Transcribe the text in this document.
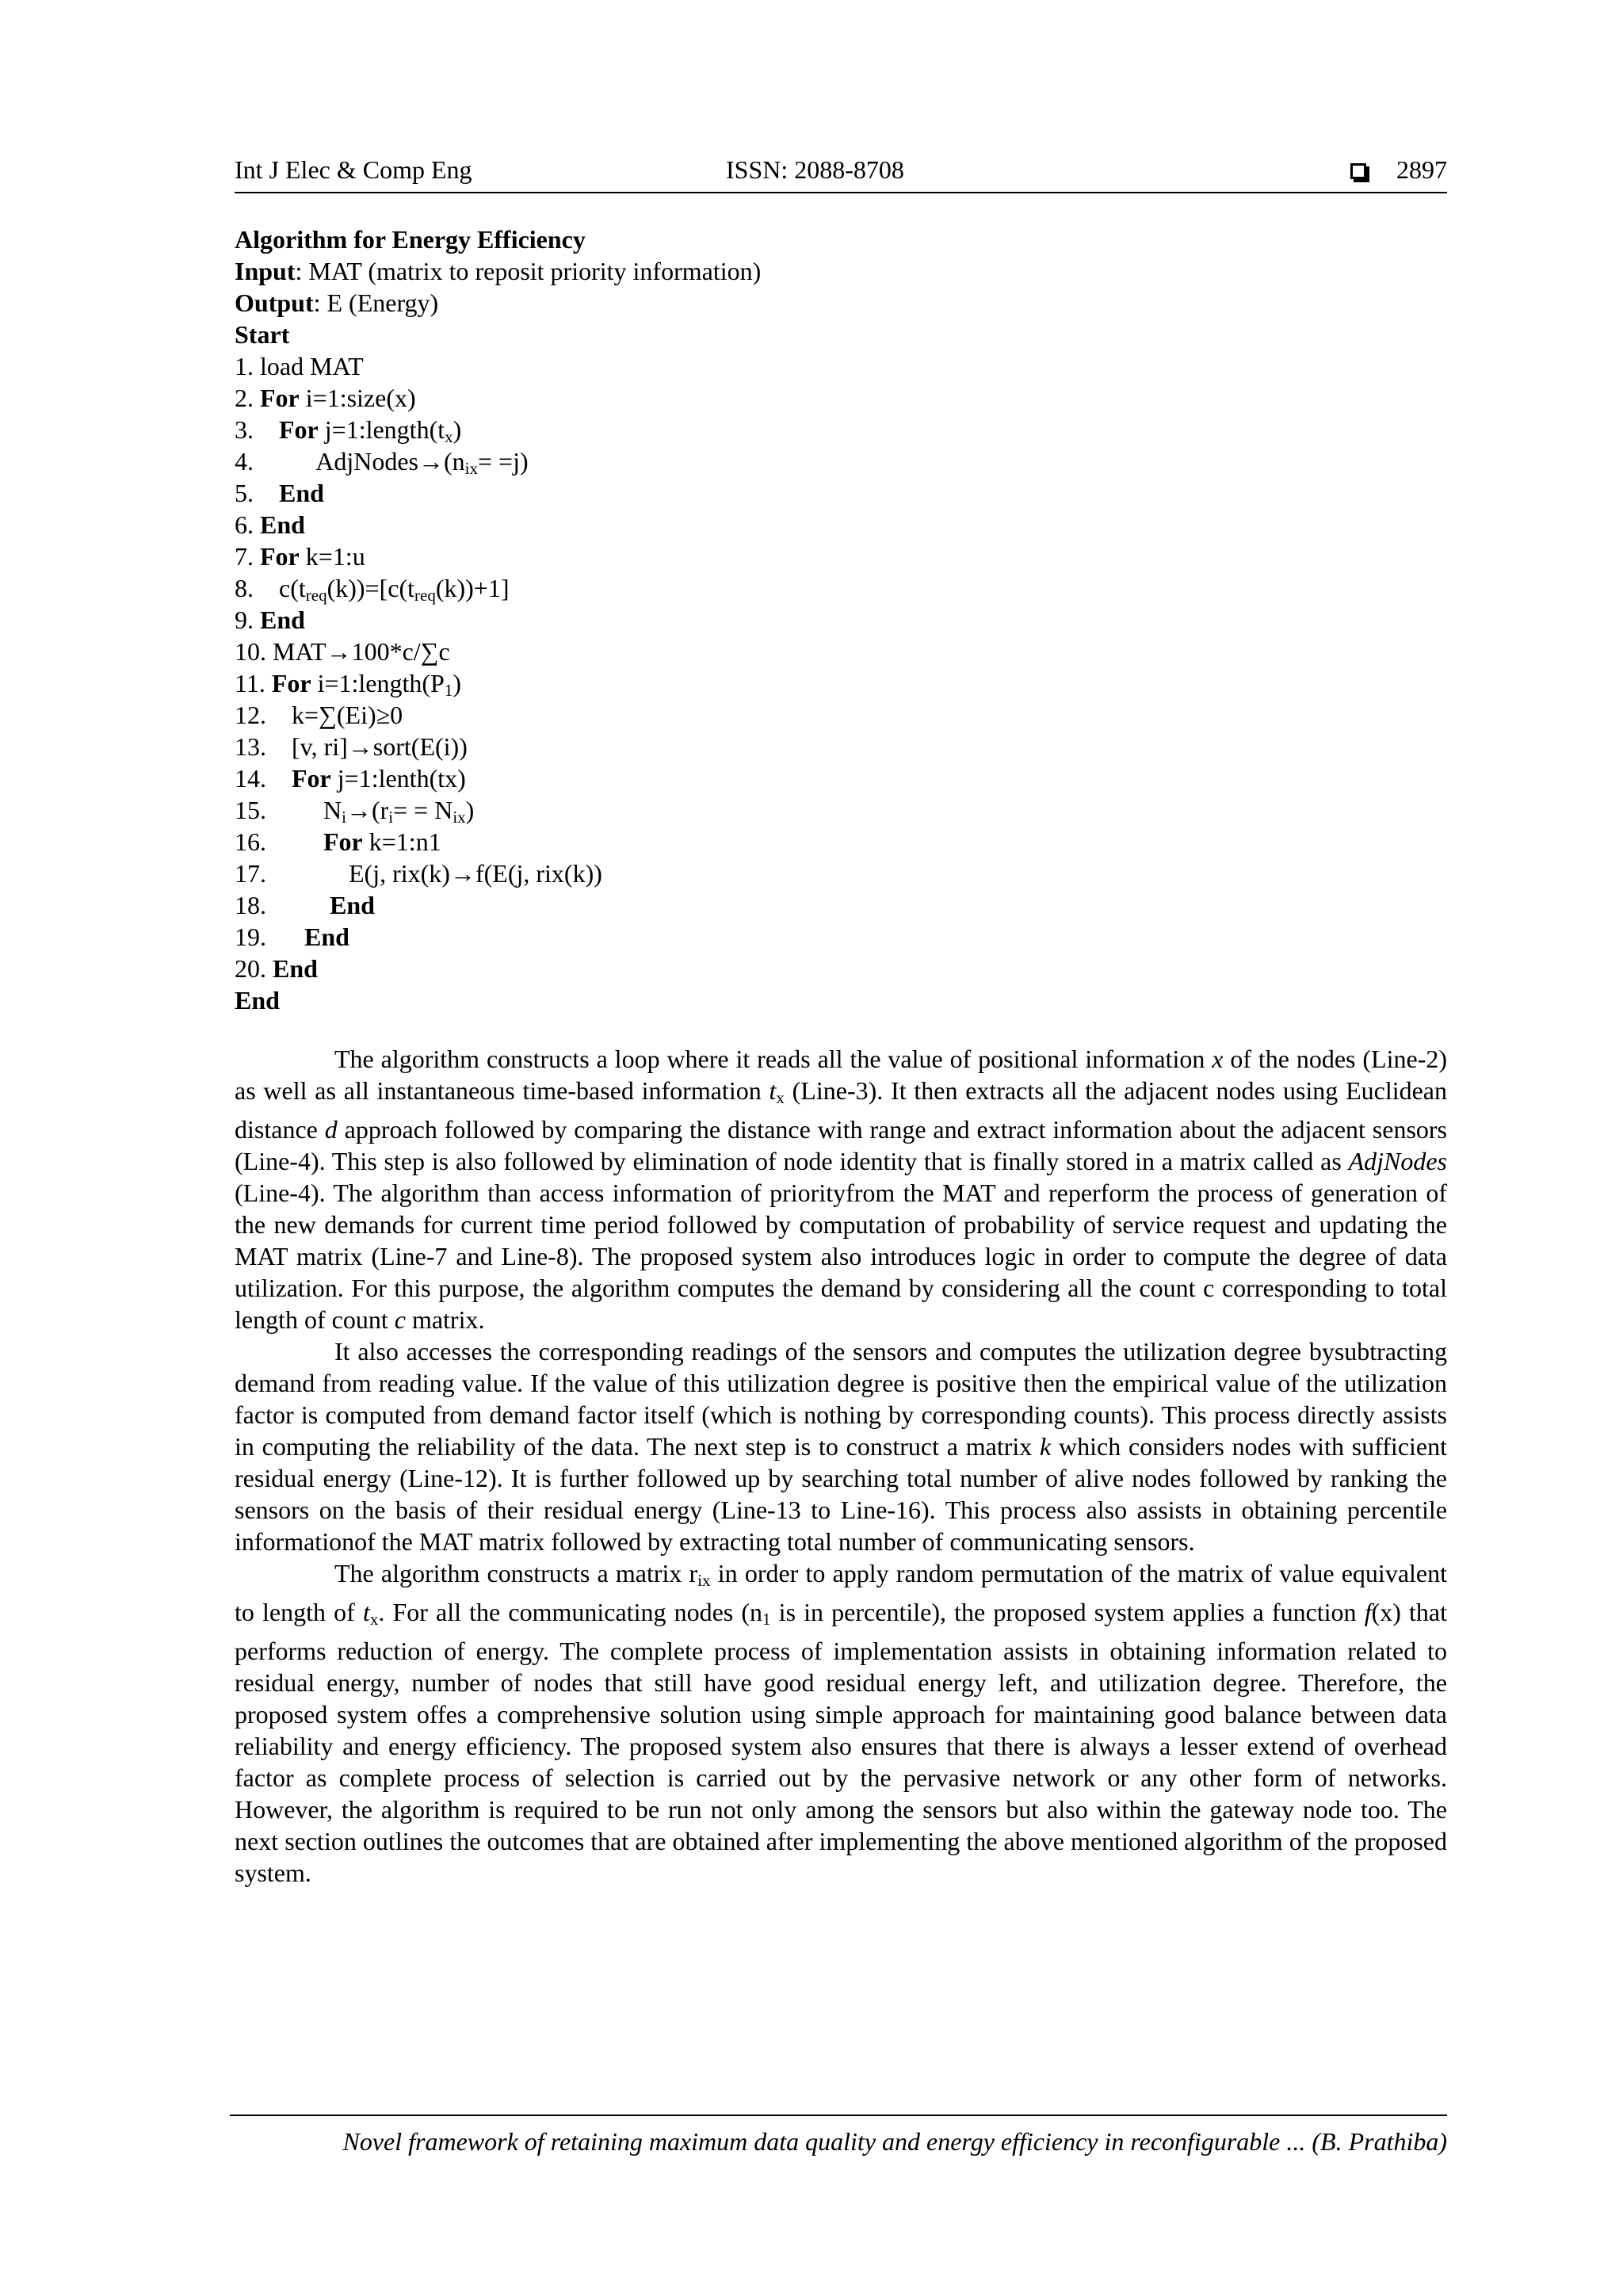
Int J Elec & Comp Eng	ISSN: 2088-8708	2897
Algorithm for Energy Efficiency
Input: MAT (matrix to reposit priority information)
Output: E (Energy)
Start
1. load MAT
2. For i=1:size(x)
3.    For $j=1:length(t_x)$
4.          $AdjNodes\to(n_{ix}= =j)$
5.    End
6. End
7. For k=1:u
8.    $c(t_{req}(k))=[c(t_{req}(k))+1]$
9. End
10. MAT→100*c/∑c
11. For $i=1:length(P_1)$
12.    k=∑(Ei)≥0
13.    [v, ri]→sort(E(i))
14.    For j=1:lenth(tx)
15.         $N_i\to(r_i= = N_{ix})$
16.         For k=1:n1
17.             E(j, rix(k)→f(E(j, rix(k))
18.          End
19.      End
20. End
End

The algorithm constructs a loop where it reads all the value of positional information x of the nodes (Line-2) as well as all instantaneous time-based information $t_x$ (Line-3). It then extracts all the adjacent nodes using Euclidean distance d approach followed by comparing the distance with range and extract information about the adjacent sensors (Line-4). This step is also followed by elimination of node identity that is finally stored in a matrix called as AdjNodes (Line-4). The algorithm than access information of priorityfrom the MAT and reperform the process of generation of the new demands for current time period followed by computation of probability of service request and updating the MAT matrix (Line-7 and Line-8). The proposed system also introduces logic in order to compute the degree of data utilization. For this purpose, the algorithm computes the demand by considering all the count c corresponding to total length of count c matrix.

It also accesses the corresponding readings of the sensors and computes the utilization degree bysubtracting demand from reading value. If the value of this utilization degree is positive then the empirical value of the utilization factor is computed from demand factor itself (which is nothing by corresponding counts). This process directly assists in computing the reliability of the data. The next step is to construct a matrix k which considers nodes with sufficient residual energy (Line-12). It is further followed up by searching total number of alive nodes followed by ranking the sensors on the basis of their residual energy (Line-13 to Line-16). This process also assists in obtaining percentile informationof the MAT matrix followed by extracting total number of communicating sensors.

The algorithm constructs a matrix $r_{ix}$ in order to apply random permutation of the matrix of value equivalent to length of $t_x$. For all the communicating nodes ($n_1$ is in percentile), the proposed system applies a function f(x) that performs reduction of energy. The complete process of implementation assists in obtaining information related to residual energy, number of nodes that still have good residual energy left, and utilization degree. Therefore, the proposed system offes a comprehensive solution using simple approach for maintaining good balance between data reliability and energy efficiency. The proposed system also ensures that there is always a lesser extend of overhead factor as complete process of selection is carried out by the pervasive network or any other form of networks. However, the algorithm is required to be run not only among the sensors but also within the gateway node too. The next section outlines the outcomes that are obtained after implementing the above mentioned algorithm of the proposed system.

Novel framework of retaining maximum data quality and energy efficiency in reconfigurable ... (B. Prathiba)
